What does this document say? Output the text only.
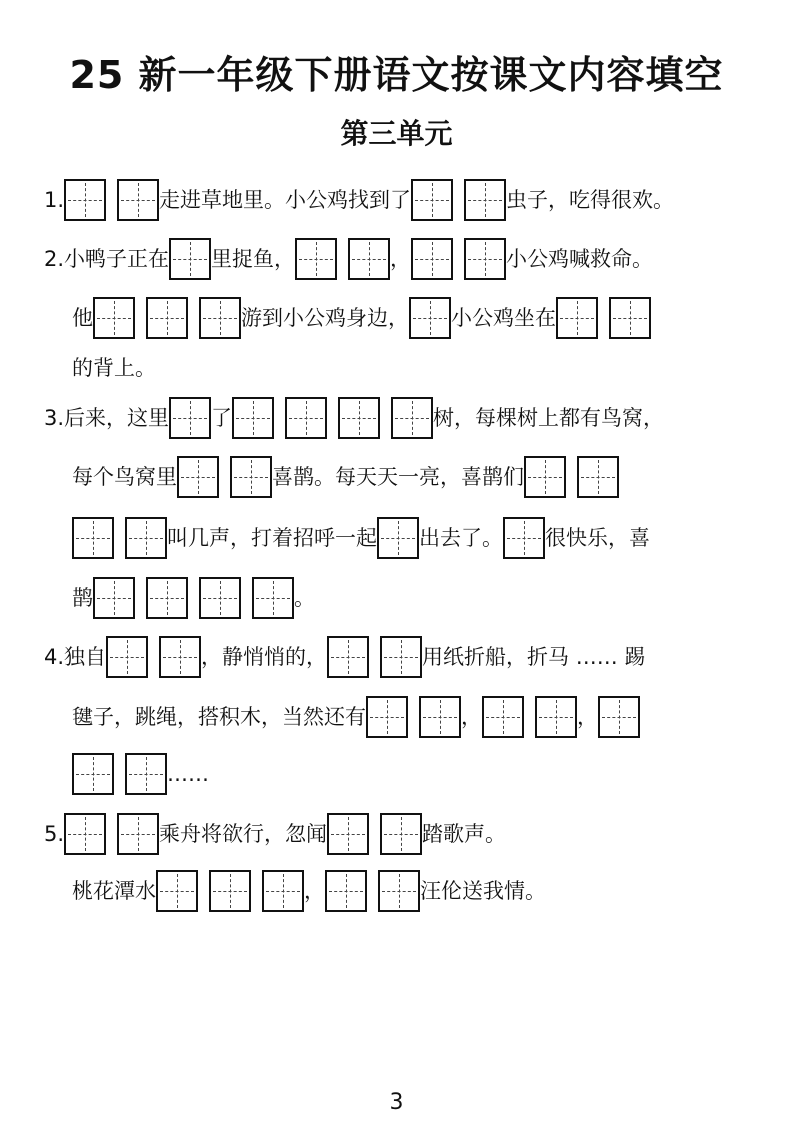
25 新一年级下册语文按课文内容填空
第三单元
1.	走进草地里。小公鸡找到了	虫子，吃得很欢。
2.小鸭子正在 里捉鱼，	，	小公鸡喊救命。
他	游到小公鸡身边， 小公鸡坐在
的背上。
3.后来，这里 了	树，每棵树上都有鸟窝，
每个鸟窝里	喜鹊。每天天一亮，喜鹊们
叫几声，打着招呼一起 出去了。 很快乐，喜
鹊	。
4.独自	，静悄悄的，	用纸折船，折马 …… 踢
毽子，跳绳，搭积木，当然还有	，	，
……
5.	乘舟将欲行，忽闻	踏歌声。
桃花潭水	，	汪伦送我情。
3
